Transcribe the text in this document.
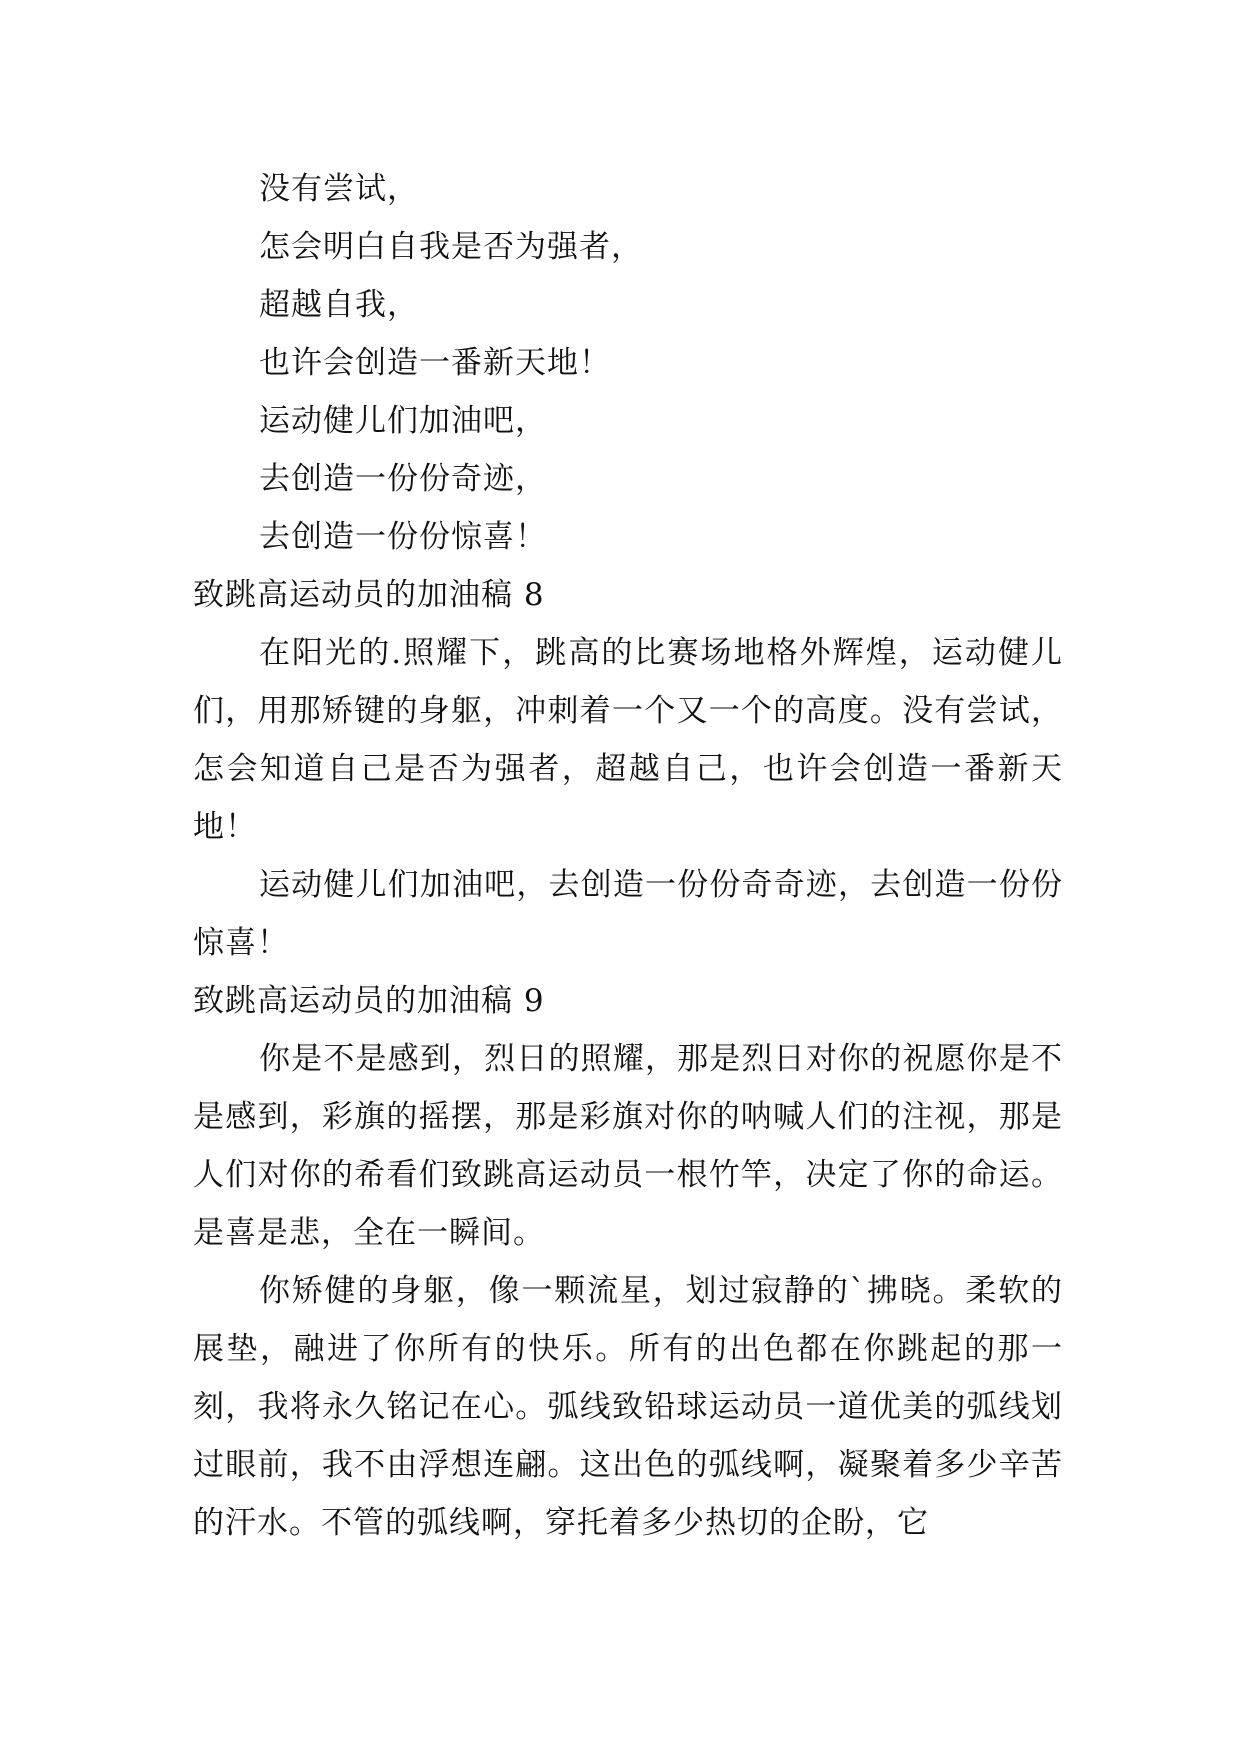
没有尝试，

怎会明白自我是否为强者，

超越自我，

也许会创造一番新天地！

运动健儿们加油吧，

去创造一份份奇迹，

去创造一份份惊喜！

致跳高运动员的加油稿 8

在阳光的.照耀下，跳高的比赛场地格外辉煌，运动健儿们，用那矫键的身躯，冲刺着一个又一个的高度。没有尝试，怎会知道自己是否为强者，超越自己，也许会创造一番新天地！

运动健儿们加油吧，去创造一份份奇奇迹，去创造一份份惊喜！

致跳高运动员的加油稿 9

你是不是感到，烈日的照耀，那是烈日对你的祝愿你是不是感到，彩旗的摇摆，那是彩旗对你的呐喊人们的注视，那是人们对你的希看们致跳高运动员一根竹竿，决定了你的命运。是喜是悲，全在一瞬间。

你矫健的身躯，像一颗流星，划过寂静的`拂晓。柔软的展垫，融进了你所有的快乐。所有的出色都在你跳起的那一刻，我将永久铭记在心。弧线致铅球运动员一道优美的弧线划过眼前，我不由浮想连翩。这出色的弧线啊，凝聚着多少辛苦的汗水。不管的弧线啊，穿托着多少热切的企盼，它
